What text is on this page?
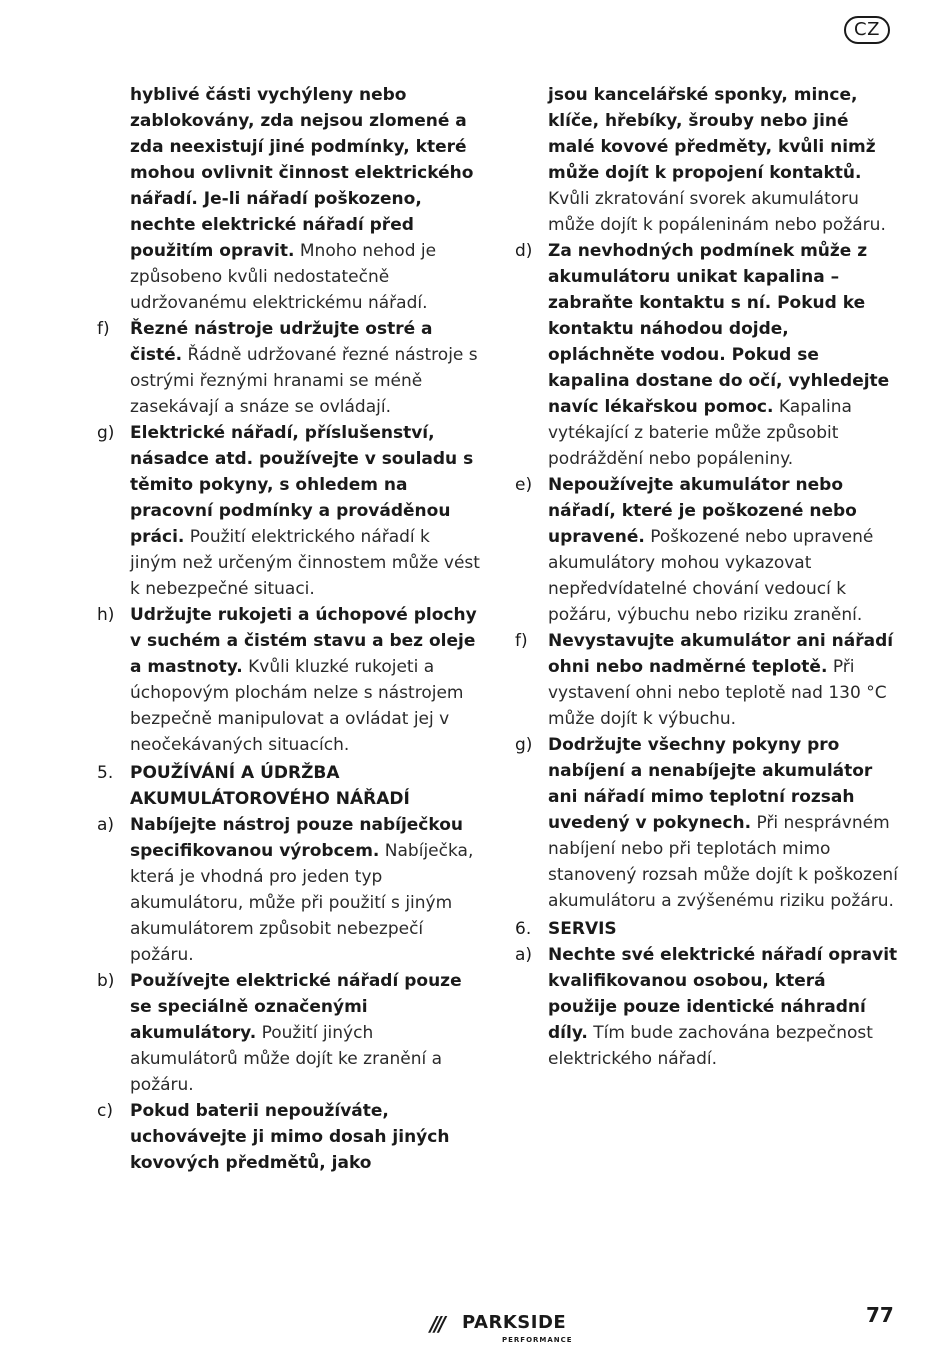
CZ
hyblivé části vychýleny nebo zablokovány, zda nejsou zlomené a zda neexistují jiné podmínky, které mohou ovlivnit činnost elektrického nářadí. Je-li nářadí poškozeno, nechte elektrické nářadí před použitím opravit. Mnoho nehod je způsobeno kvůli nedostatečně udržovanému elektrickému nářadí.
f)	Řezné nástroje udržujte ostré a čisté. Řádně udržované řezné nástroje s ostrými řeznými hranami se méně zasekávají a snáze se ovládají.
g) Elektrické nářadí, příslušenství, násadce atd. používejte v souladu s těmito pokyny, s ohledem na pracovní podmínky a prováděnou práci. Použití elektrického nářadí k jiným než určeným činnostem může vést k nebezpečné situaci.
h) Udržujte rukojeti a úchopové plochy v suchém a čistém stavu a bez oleje a mastnoty. Kvůli kluzké rukojeti a úchopovým plochám nelze s nástrojem bezpečně manipulovat a ovládat jej v neočekávaných situacích.
5. POUŽÍVÁNÍ A ÚDRŽBA AKUMULÁTOROVÉHO NÁŘADÍ
a) Nabíjejte nástroj pouze nabíječkou specifikovanou výrobcem. Nabíječka, která je vhodná pro jeden typ akumulátoru, může při použití s jiným akumulátorem způsobit nebezpečí požáru.
b) Používejte elektrické nářadí pouze se speciálně označenými akumulátory. Použití jiných akumulátorů může dojít ke zranění a požáru.
c)	Pokud baterii nepoužíváte, uchovávejte ji mimo dosah jiných kovových předmětů, jako
jsou kancelářské sponky, mince, klíče, hřebíky, šrouby nebo jiné malé kovové předměty, kvůli nimž může dojít k propojení kontaktů. Kvůli zkratování svorek akumulátoru může dojít k popáleninám nebo požáru.
d) Za nevhodných podmínek může z akumulátoru unikat kapalina – zabraňte kontaktu s ní. Pokud ke kontaktu náhodou dojde, opláchněte vodou. Pokud se kapalina dostane do očí, vyhledejte navíc lékařskou pomoc. Kapalina vytékající z baterie může způsobit podráždění nebo popáleniny.
e) Nepoužívejte akumulátor nebo nářadí, které je poškozené nebo upravené. Poškozené nebo upravené akumulátory mohou vykazovat nepředvídatelné chování vedoucí k požáru, výbuchu nebo riziku zranění.
f)	Nevystavujte akumulátor ani nářadí ohni nebo nadměrné teplotě. Při vystavení ohni nebo teplotě nad 130 °C může dojít k výbuchu.
g) Dodržujte všechny pokyny pro nabíjení a nenabíjejte akumulátor ani nářadí mimo teplotní rozsah uvedený v pokynech. Při nesprávném nabíjení nebo při teplotách mimo stanovený rozsah může dojít k poškození akumulátoru a zvýšenému riziku požáru.
6. SERVIS
a) Nechte své elektrické nářadí opravit kvalifikovanou osobou, která použije pouze identické náhradní díly. Tím bude zachována bezpečnost elektrického nářadí.
/// PARKSIDE
PERFORMANCE
77
